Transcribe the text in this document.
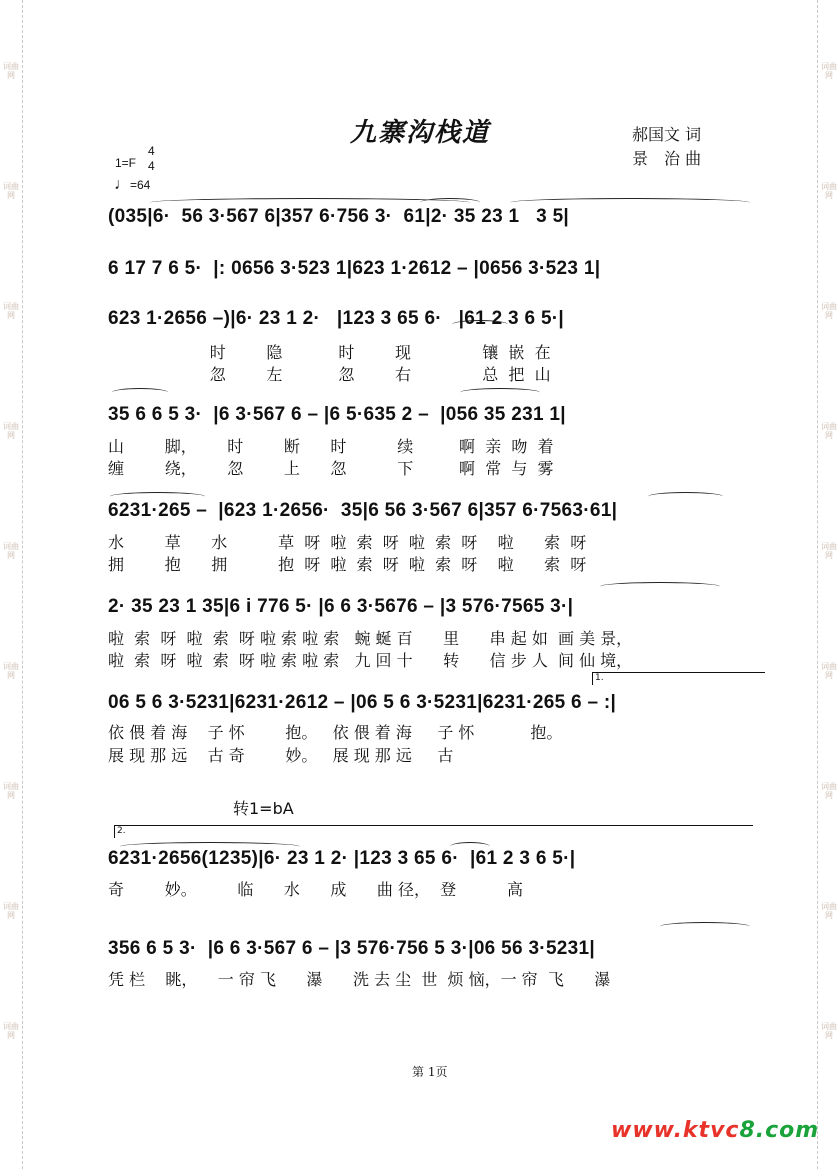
词曲网
词曲网
词曲网
词曲网
词曲网
词曲网
词曲网
词曲网
词曲网
词曲网
词曲网
词曲网
词曲网
词曲网
词曲网
词曲网
词曲网
词曲网
九寨沟栈道	郝国文 词
景　治 曲
1=F
4
4
♩=64
(035|6·  56 3·567 6|357 6·756 3·  61|2· 35 23 1   3 5|
6 17 7 6 5·  |: 0656 3·523 1|623 1·2612 – |0656 3·523 1|
623 1·2656 –)|6· 23 1 2·   |123 3 65 6·   |61 2 3 6 5·|
时        隐           时        现              镶  嵌  在
忽        左           忽        右              总  把  山
35 6 6 5 3·  |6 3·567 6 – |6 5·635 2 –  |056 35 231 1|
山        脚，      时        断      时          续         啊  亲  吻  着
缠        绕，      忽        上      忽          下         啊  常  与  雾
6231·265 –  |623 1·2656·  35|6 56 3·567 6|357 6·7563·61|
水        草      水          草  呀  啦  索  呀  啦  索  呀    啦      索  呀
拥        抱      拥          抱  呀  啦  索  呀  啦  索  呀    啦      索  呀
2· 35 23 1 35|6 i 776 5· |6 6 3·5676 – |3 576·7565 3·|
啦  索  呀  啦  索  呀 啦 索 啦 索   蜿 蜒 百      里      串 起 如  画 美 景，
啦  索  呀  啦  索  呀 啦 索 啦 索   九 回 十      转      信 步 人  间 仙 境，
1.
06 5 6 3·5231|6231·2612 – |06 5 6 3·5231|6231·265 6 – :|
依 偎 着 海    子 怀        抱。   依 偎 着 海     子 怀           抱。
展 现 那 远    古 奇        妙。   展 现 那 远     古
转1=bA
2.
6231·2656(1235)|6· 23 1 2· |123 3 65 6·  |61 2 3 6 5·|
奇        妙。        临      水      成      曲 径，  登          高
356 6 5 3·  |6 6 3·567 6 – |3 576·756 5 3·|06 56 3·5231|
凭 栏    眺，    一 帘 飞      瀑      洗 去 尘  世  烦 恼，一 帘  飞      瀑
第 1页
www.ktvc8.com
